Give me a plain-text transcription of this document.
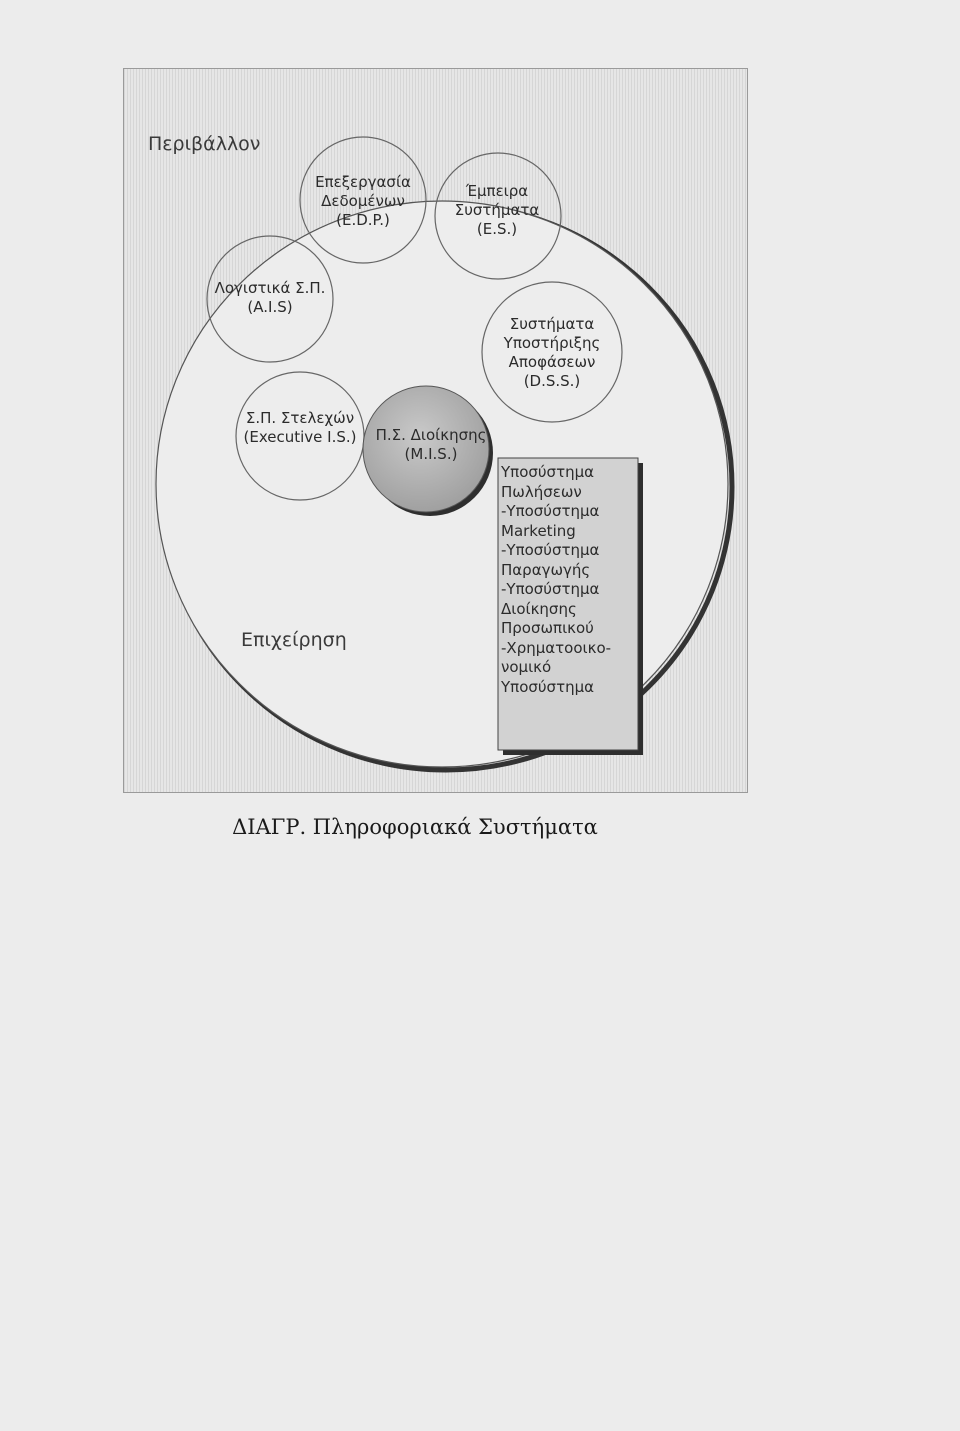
Περιβάλλον
Επεξεργασία
Δεδομένων
(E.D.P.)
Έμπειρα
Συστήματα
(E.S.)
Λογιστικά Σ.Π.
(A.I.S)
Συστήματα
Υποστήριξης
Αποφάσεων
(D.S.S.)
Σ.Π. Στελεχών
(Executive I.S.)	Π.Σ. Διοίκησης
(M.I.S.)
Υποσύστημα
Πωλήσεων
-Υποσύστημα
Marketing
-Υποσύστημα
Παραγωγής
-Υποσύστημα
Διοίκησης
Προσωπικού
-Χρηματοοικο-
νομικό
Υποσύστημα
Επιχείρηση
ΔΙΑΓΡ. Πληροφοριακά Συστήματα
